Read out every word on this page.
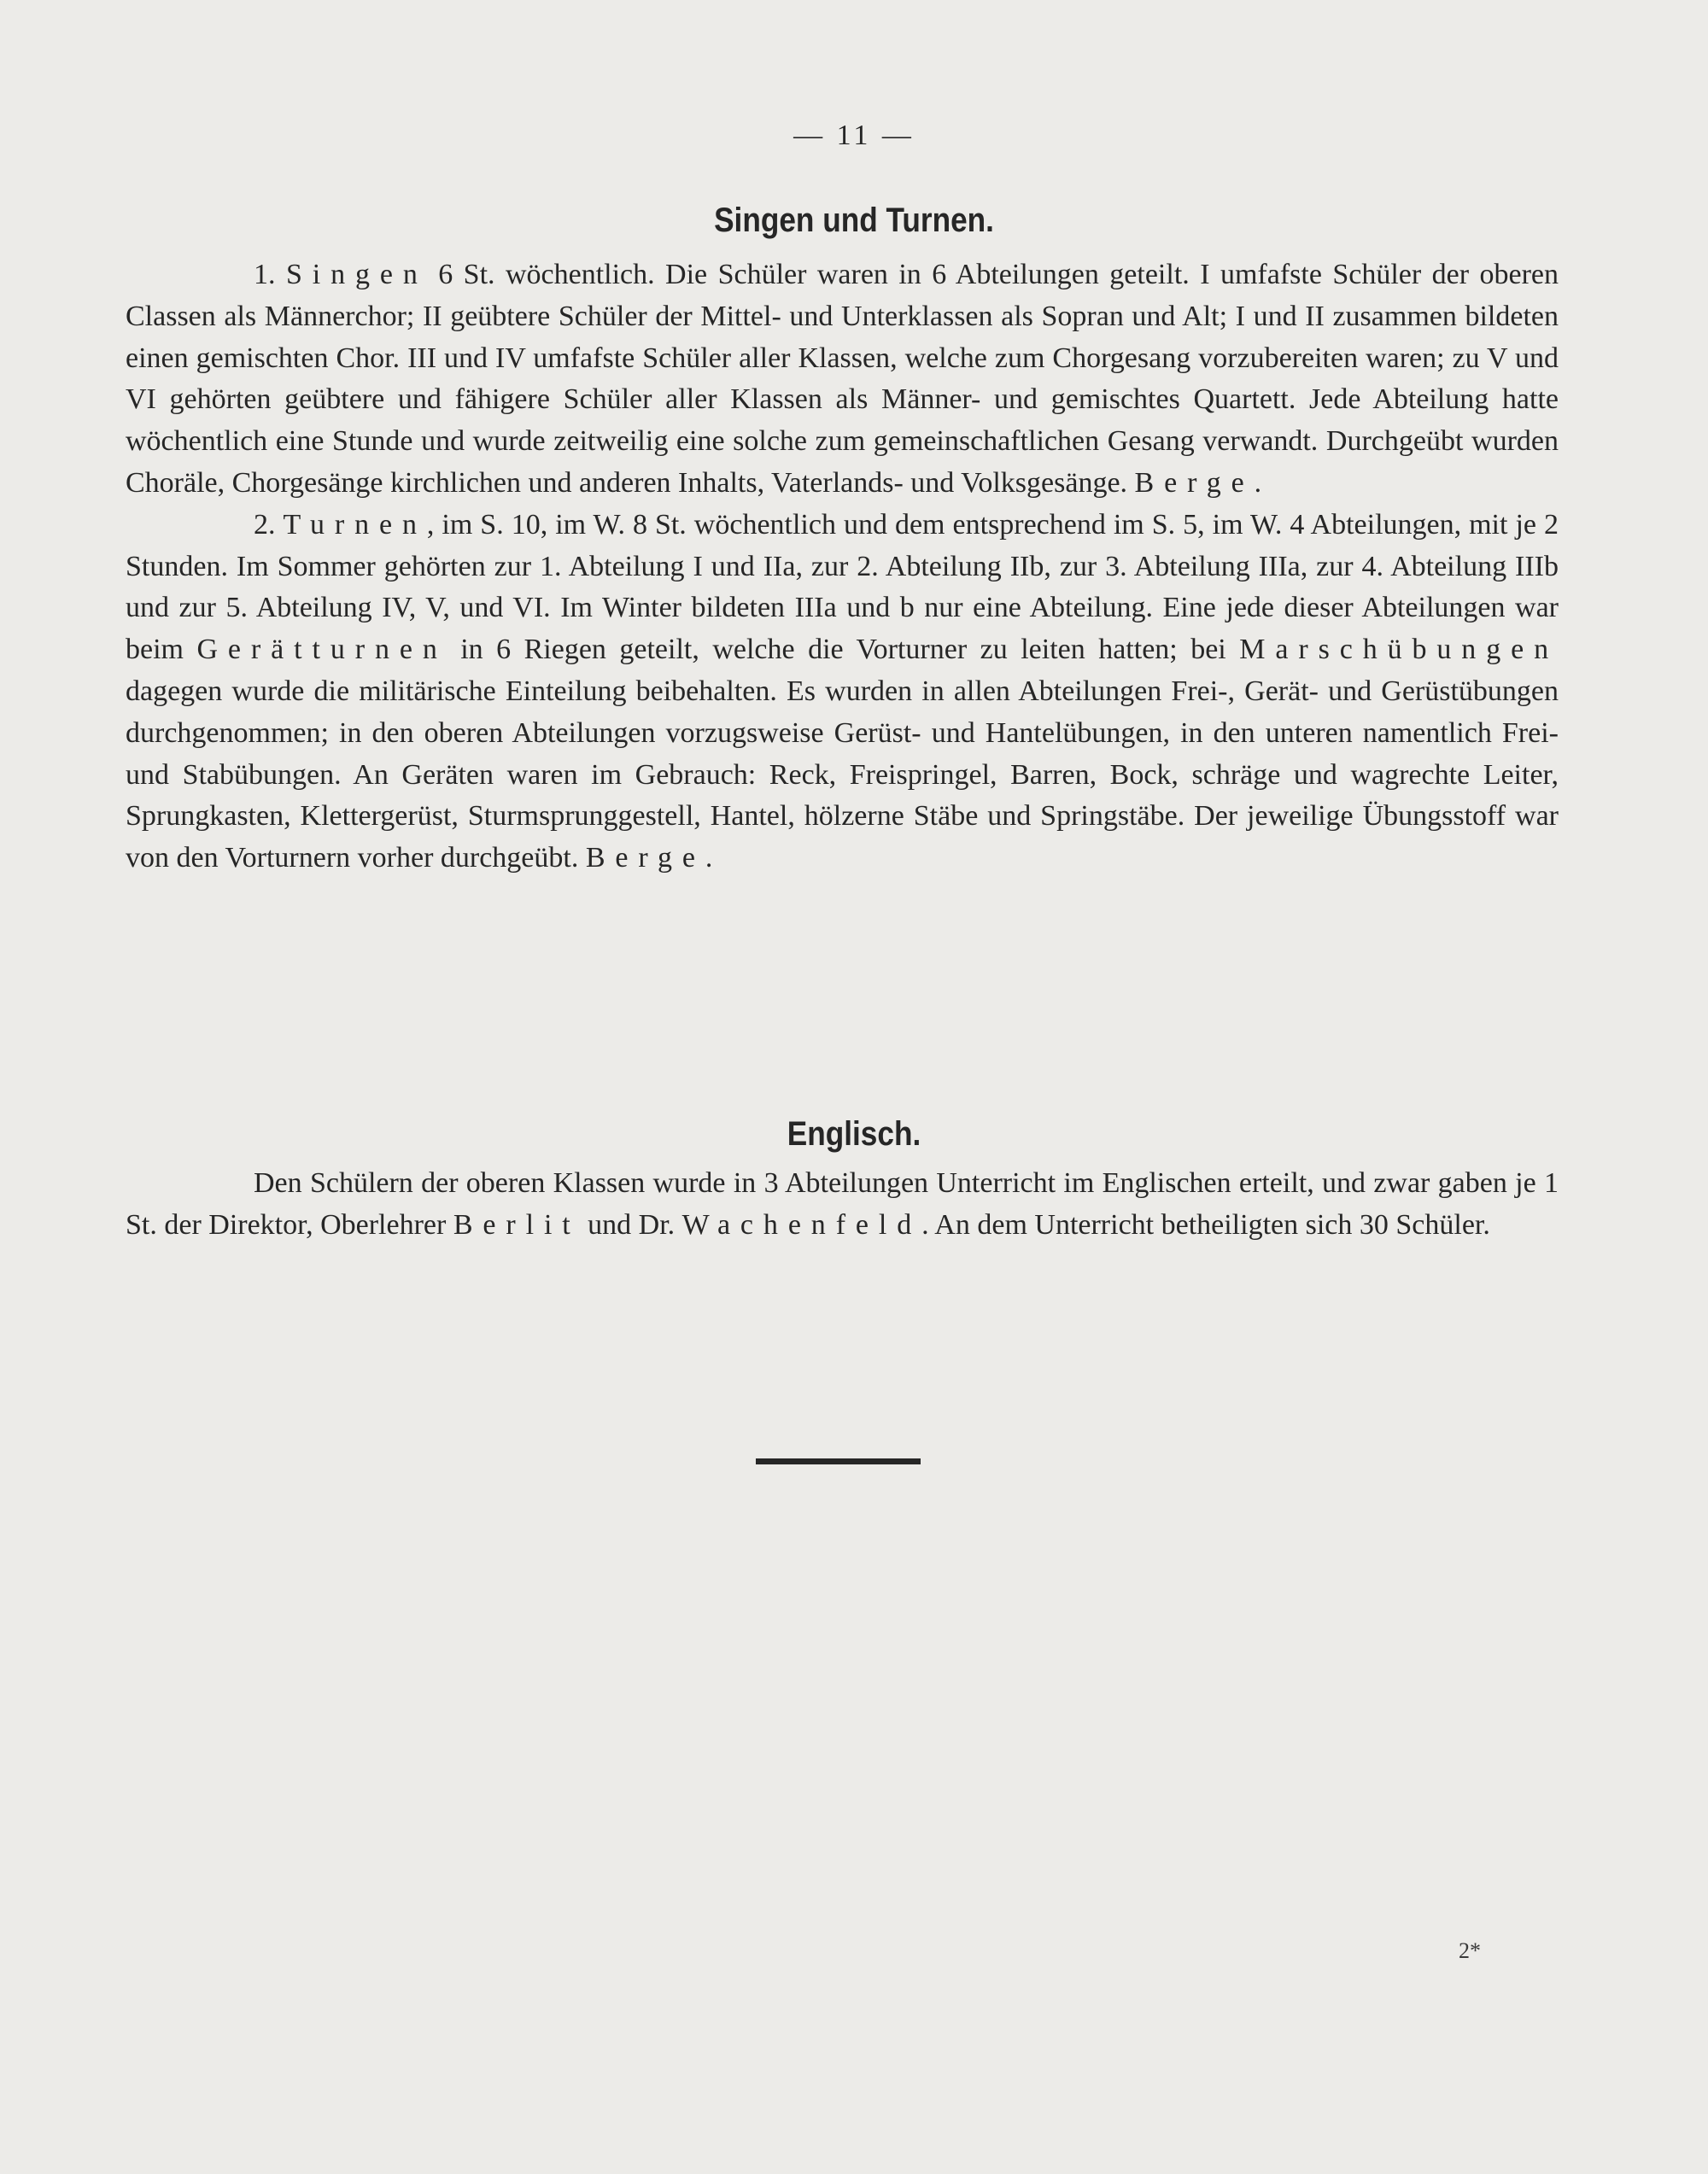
— 11 —
Singen und Turnen.

1. Singen 6 St. wöchentlich. Die Schüler waren in 6 Abteilungen geteilt. I umfafste Schüler der oberen Classen als Männerchor; II geübtere Schüler der Mittel- und Unterklassen als Sopran und Alt; I und II zusammen bildeten einen gemischten Chor. III und IV umfafste Schüler aller Klassen, welche zum Chorgesang vorzubereiten waren; zu V und VI gehörten geübtere und fähigere Schüler aller Klassen als Männer- und gemischtes Quartett. Jede Abteilung hatte wöchentlich eine Stunde und wurde zeitweilig eine solche zum gemeinschaftlichen Gesang verwandt. Durchgeübt wurden Choräle, Chorgesänge kirchlichen und anderen Inhalts, Vaterlands- und Volksgesänge. Berge.

2. Turnen, im S. 10, im W. 8 St. wöchentlich und dem entsprechend im S. 5, im W. 4 Abteilungen, mit je 2 Stunden. Im Sommer gehörten zur 1. Abteilung I und IIa, zur 2. Abteilung IIb, zur 3. Abteilung IIIa, zur 4. Abteilung IIIb und zur 5. Abteilung IV, V, und VI. Im Winter bildeten IIIa und b nur eine Abteilung. Eine jede dieser Abteilungen war beim Gerätturnen in 6 Riegen geteilt, welche die Vorturner zu leiten hatten; bei Marschübungen dagegen wurde die militärische Einteilung beibehalten. Es wurden in allen Abteilungen Frei-, Gerät- und Gerüstübungen durchgenommen; in den oberen Abteilungen vorzugsweise Gerüst- und Hantelübungen, in den unteren namentlich Frei- und Stabübungen. An Geräten waren im Gebrauch: Reck, Freispringel, Barren, Bock, schräge und wagrechte Leiter, Sprungkasten, Klettergerüst, Sturmsprunggestell, Hantel, hölzerne Stäbe und Springstäbe. Der jeweilige Übungsstoff war von den Vorturnern vorher durchgeübt. Berge.

Englisch.

Den Schülern der oberen Klassen wurde in 3 Abteilungen Unterricht im Englischen erteilt, und zwar gaben je 1 St. der Direktor, Oberlehrer Berlit und Dr. Wachenfeld. An dem Unterricht betheiligten sich 30 Schüler.

2*
